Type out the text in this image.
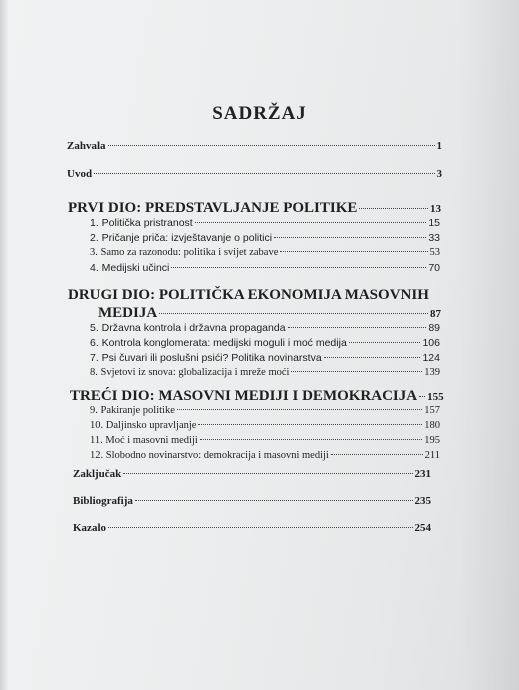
SADRŽAJ
Zahvala	1
Uvod	3
PRVI DIO: PREDSTAVLJANJE POLITIKE	13
1. Politička pristranost	15
2. Pričanje priča: izvještavanje o politici	33
3. Samo za razonodu: politika i svijet zabave	53
4. Medijski učinci	70
DRUGI DIO: POLITIČKA EKONOMIJA MASOVNIH
MEDIJA	87
5. Državna kontrola i državna propaganda	89
6. Kontrola konglomerata: medijski moguli i moć medija	106
7. Psi čuvari ili poslušni psići? Politika novinarstva	124
8. Svjetovi iz snova: globalizacija i mreže moći	139
TREĆI DIO: MASOVNI MEDIJI I DEMOKRACIJA 155
9. Pakiranje politike	157
10. Daljinsko upravljanje	180
11. Moć i masovni mediji	195
12. Slobodno novinarstvo: demokracija i masovni mediji	211
Zaključak	231
Bibliografija	235
Kazalo	254
